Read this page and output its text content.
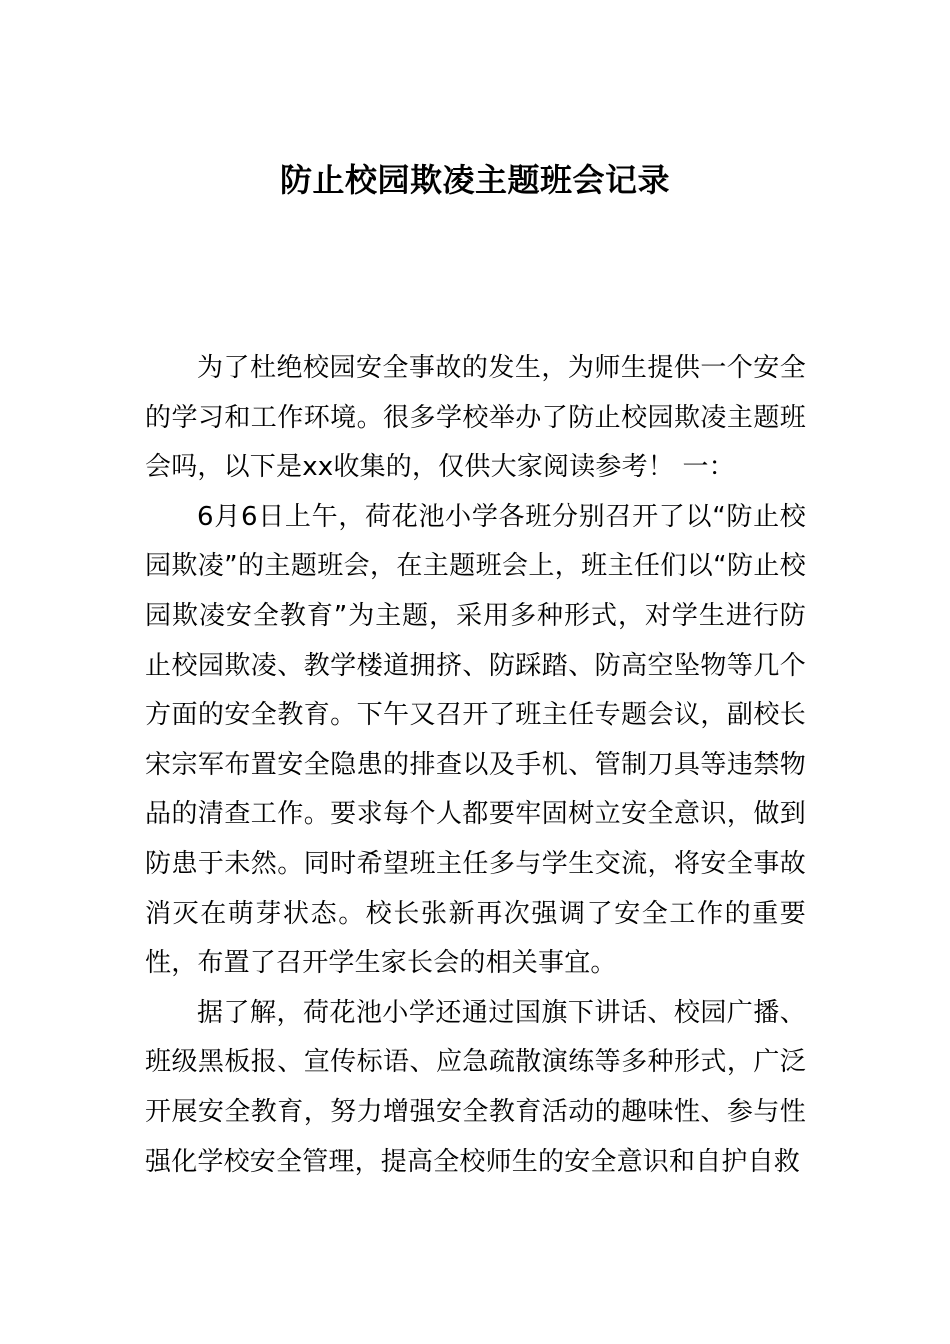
防止校园欺凌主题班会记录

为了杜绝校园安全事故的发生，为师生提供一个安全的学习和工作环境。很多学校举办了防止校园欺凌主题班会吗，以下是xx收集的，仅供大家阅读参考！ 一：

6月6日上午，荷花池小学各班分别召开了以“防止校园欺凌”的主题班会，在主题班会上，班主任们以“防止校园欺凌安全教育”为主题，采用多种形式，对学生进行防止校园欺凌、教学楼道拥挤、防踩踏、防高空坠物等几个方面的安全教育。下午又召开了班主任专题会议，副校长宋宗军布置安全隐患的排查以及手机、管制刀具等违禁物品的清查工作。要求每个人都要牢固树立安全意识，做到防患于未然。同时希望班主任多与学生交流，将安全事故消灭在萌芽状态。校长张新再次强调了安全工作的重要性，布置了召开学生家长会的相关事宜。

据了解，荷花池小学还通过国旗下讲话、校园广播、班级黑板报、宣传标语、应急疏散演练等多种形式，广泛开展安全教育，努力增强安全教育活动的趣味性、参与性强化学校安全管理，提高全校师生的安全意识和自护自救
